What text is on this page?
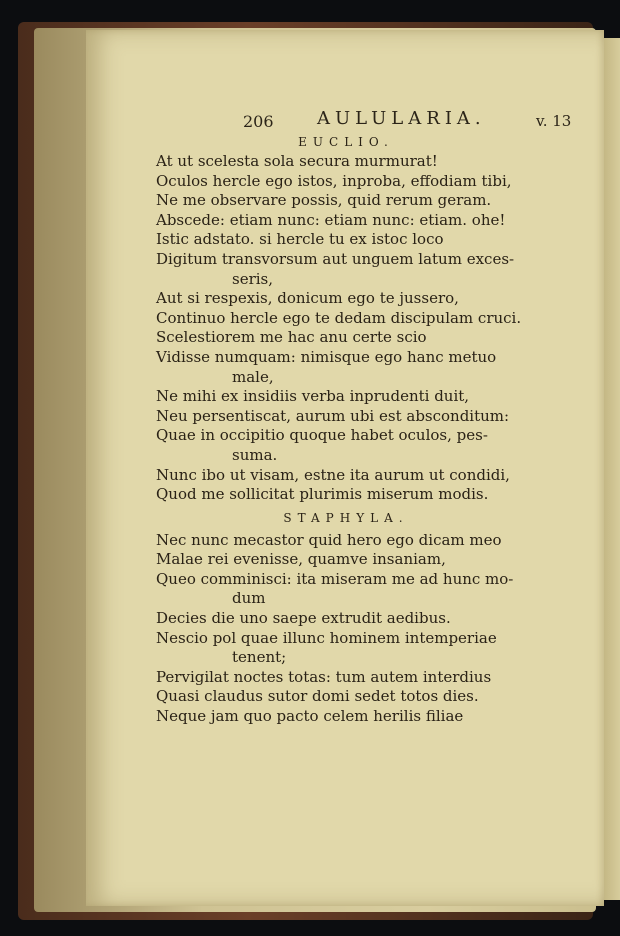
206 AULULARIA.	v. 13
EUCLIO.
At ut scelesta sola secura murmurat!
Oculos hercle ego istos, inproba, effodiam tibi,
Ne me observare possis, quid rerum geram.
Abscede: etiam nunc: etiam nunc: etiam. ohe!
Istic adstato. si hercle tu ex istoc loco
Digitum transvorsum aut unguem latum exces-
seris,
Aut si respexis, donicum ego te jussero,
Continuo hercle ego te dedam discipulam cruci.
Scelestiorem me hac anu certe scio
Vidisse numquam: nimisque ego hanc metuo
male,
Ne mihi ex insidiis verba inprudenti duit,
Neu persentiscat, aurum ubi est absconditum:
Quae in occipitio quoque habet oculos, pes-
suma.
Nunc ibo ut visam, estne ita aurum ut condidi,
Quod me sollicitat plurimis miserum modis.
STAPHYLA.
Nec nunc mecastor quid hero ego dicam meo
Malae rei evenisse, quamve insaniam,
Queo comminisci: ita miseram me ad hunc mo-
dum
Decies die uno saepe extrudit aedibus.
Nescio pol quae illunc hominem intemperiae
tenent;
Pervigilat noctes totas: tum autem interdius
Quasi claudus sutor domi sedet totos dies.
Neque jam quo pacto celem herilis filiae
